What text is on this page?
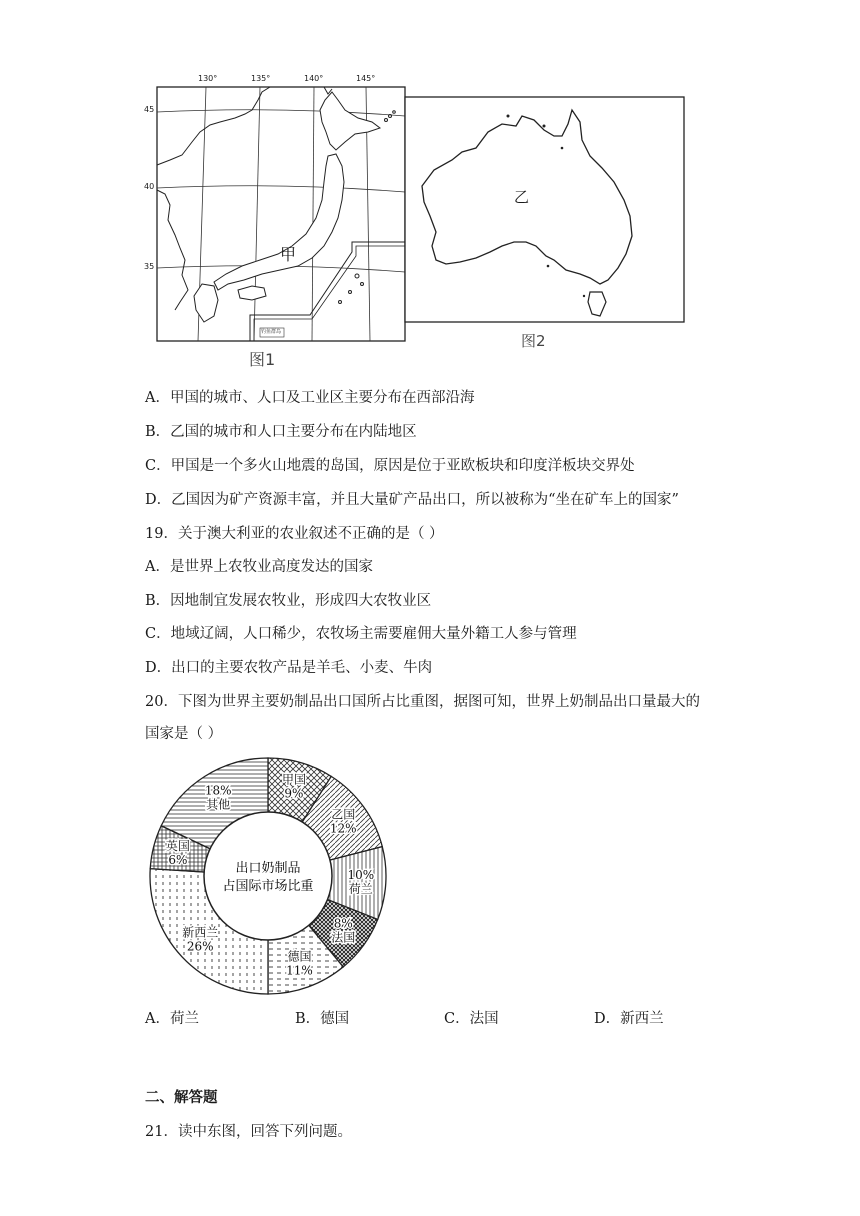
130°	135°	140°	145°
45
40
35
甲
钓鱼群岛
图1
乙
图2
A．甲国的城市、人口及工业区主要分布在西部沿海
B．乙国的城市和人口主要分布在内陆地区
C．甲国是一个多火山地震的岛国，原因是位于亚欧板块和印度洋板块交界处
D．乙国因为矿产资源丰富，并且大量矿产品出口，所以被称为“坐在矿车上的国家”
19．关于澳大利亚的农业叙述不正确的是（ ）
A．是世界上农牧业高度发达的国家
B．因地制宜发展农牧业，形成四大农牧业区
C．地域辽阔，人口稀少，农牧场主需要雇佣大量外籍工人参与管理
D．出口的主要农牧产品是羊毛、小麦、牛肉
20．下图为世界主要奶制品出口国所占比重图，据图可知，世界上奶制品出口量最大的
国家是（ ）
甲国
9%
乙国
12%
10%
荷兰
8%
法国
德国
11%
新西兰
26%
英国
6%
18%
其他
出口奶制品
占国际市场比重
A．荷兰	B．德国	C．法国	D．新西兰
二、解答题
21．读中东图，回答下列问题。
